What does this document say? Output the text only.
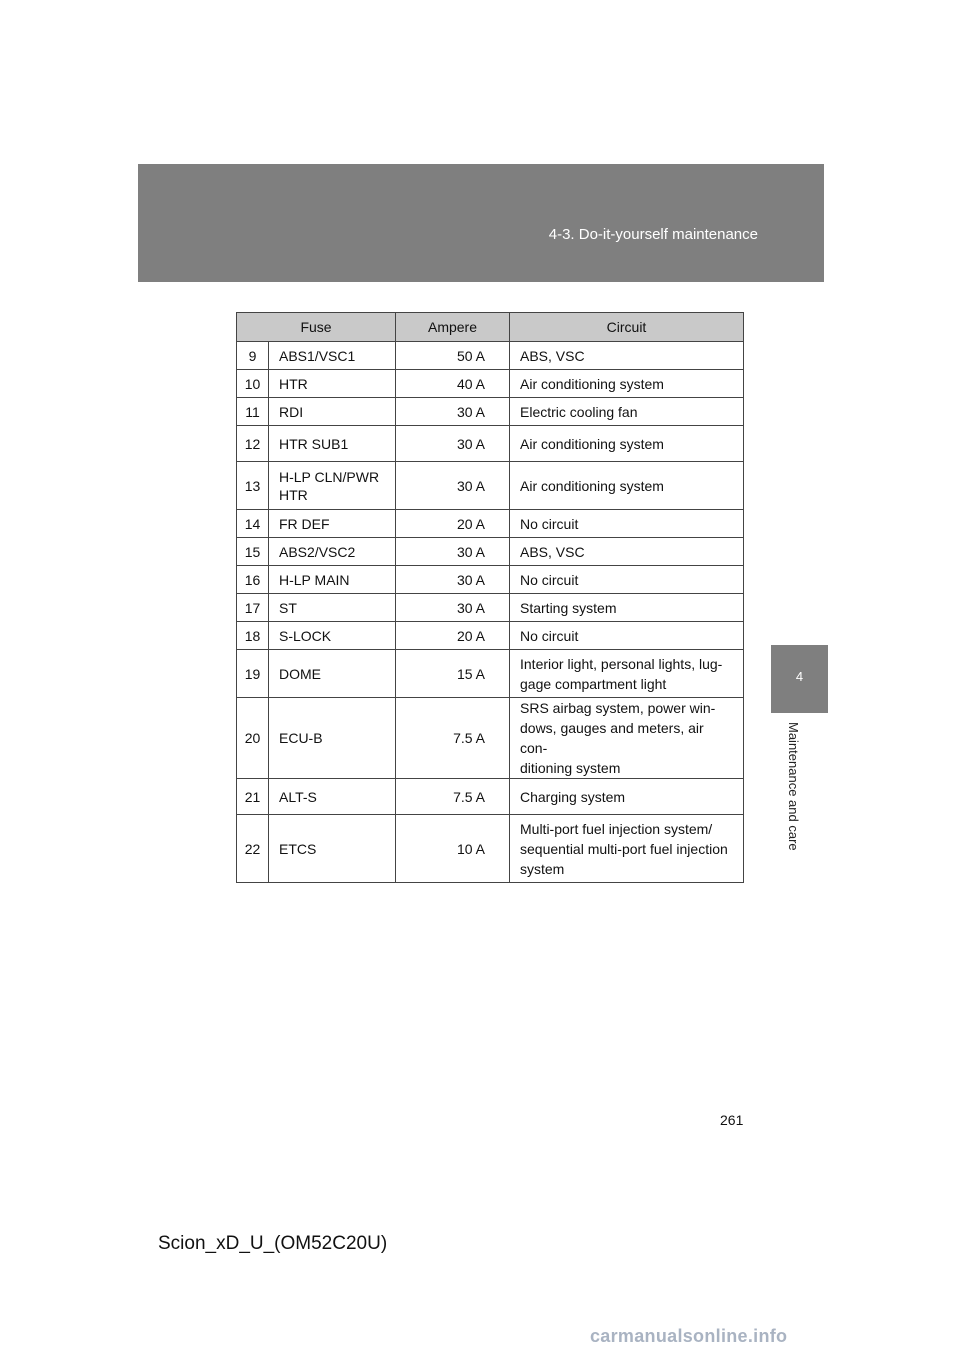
4-3. Do-it-yourself maintenance
4
Maintenance and care
Fuse		Ampere	Circuit
9	ABS1/VSC1	50 A	ABS, VSC

10	HTR	40 A	Air conditioning system

11	RDI	30 A	Electric cooling fan

12	HTR SUB1	30 A	Air conditioning system

13	H-LP CLN/PWR
HTR	30 A	Air conditioning system

14	FR DEF	20 A	No circuit

15	ABS2/VSC2	30 A	ABS, VSC

16	H-LP MAIN	30 A	No circuit

17	ST	30 A	Starting system

18	S-LOCK	20 A	No circuit

19	DOME	15 A	Interior light, personal lights, lug-
gage compartment light

20	ECU-B	7.5 A	SRS airbag system, power win-
dows, gauges and meters, air con-
ditioning system

21	ALT-S	7.5 A	Charging system

22	ETCS	10 A	Multi-port fuel injection system/
sequential multi-port fuel injection
system
261
Scion_xD_U_(OM52C20U)
carmanualsonline.info
